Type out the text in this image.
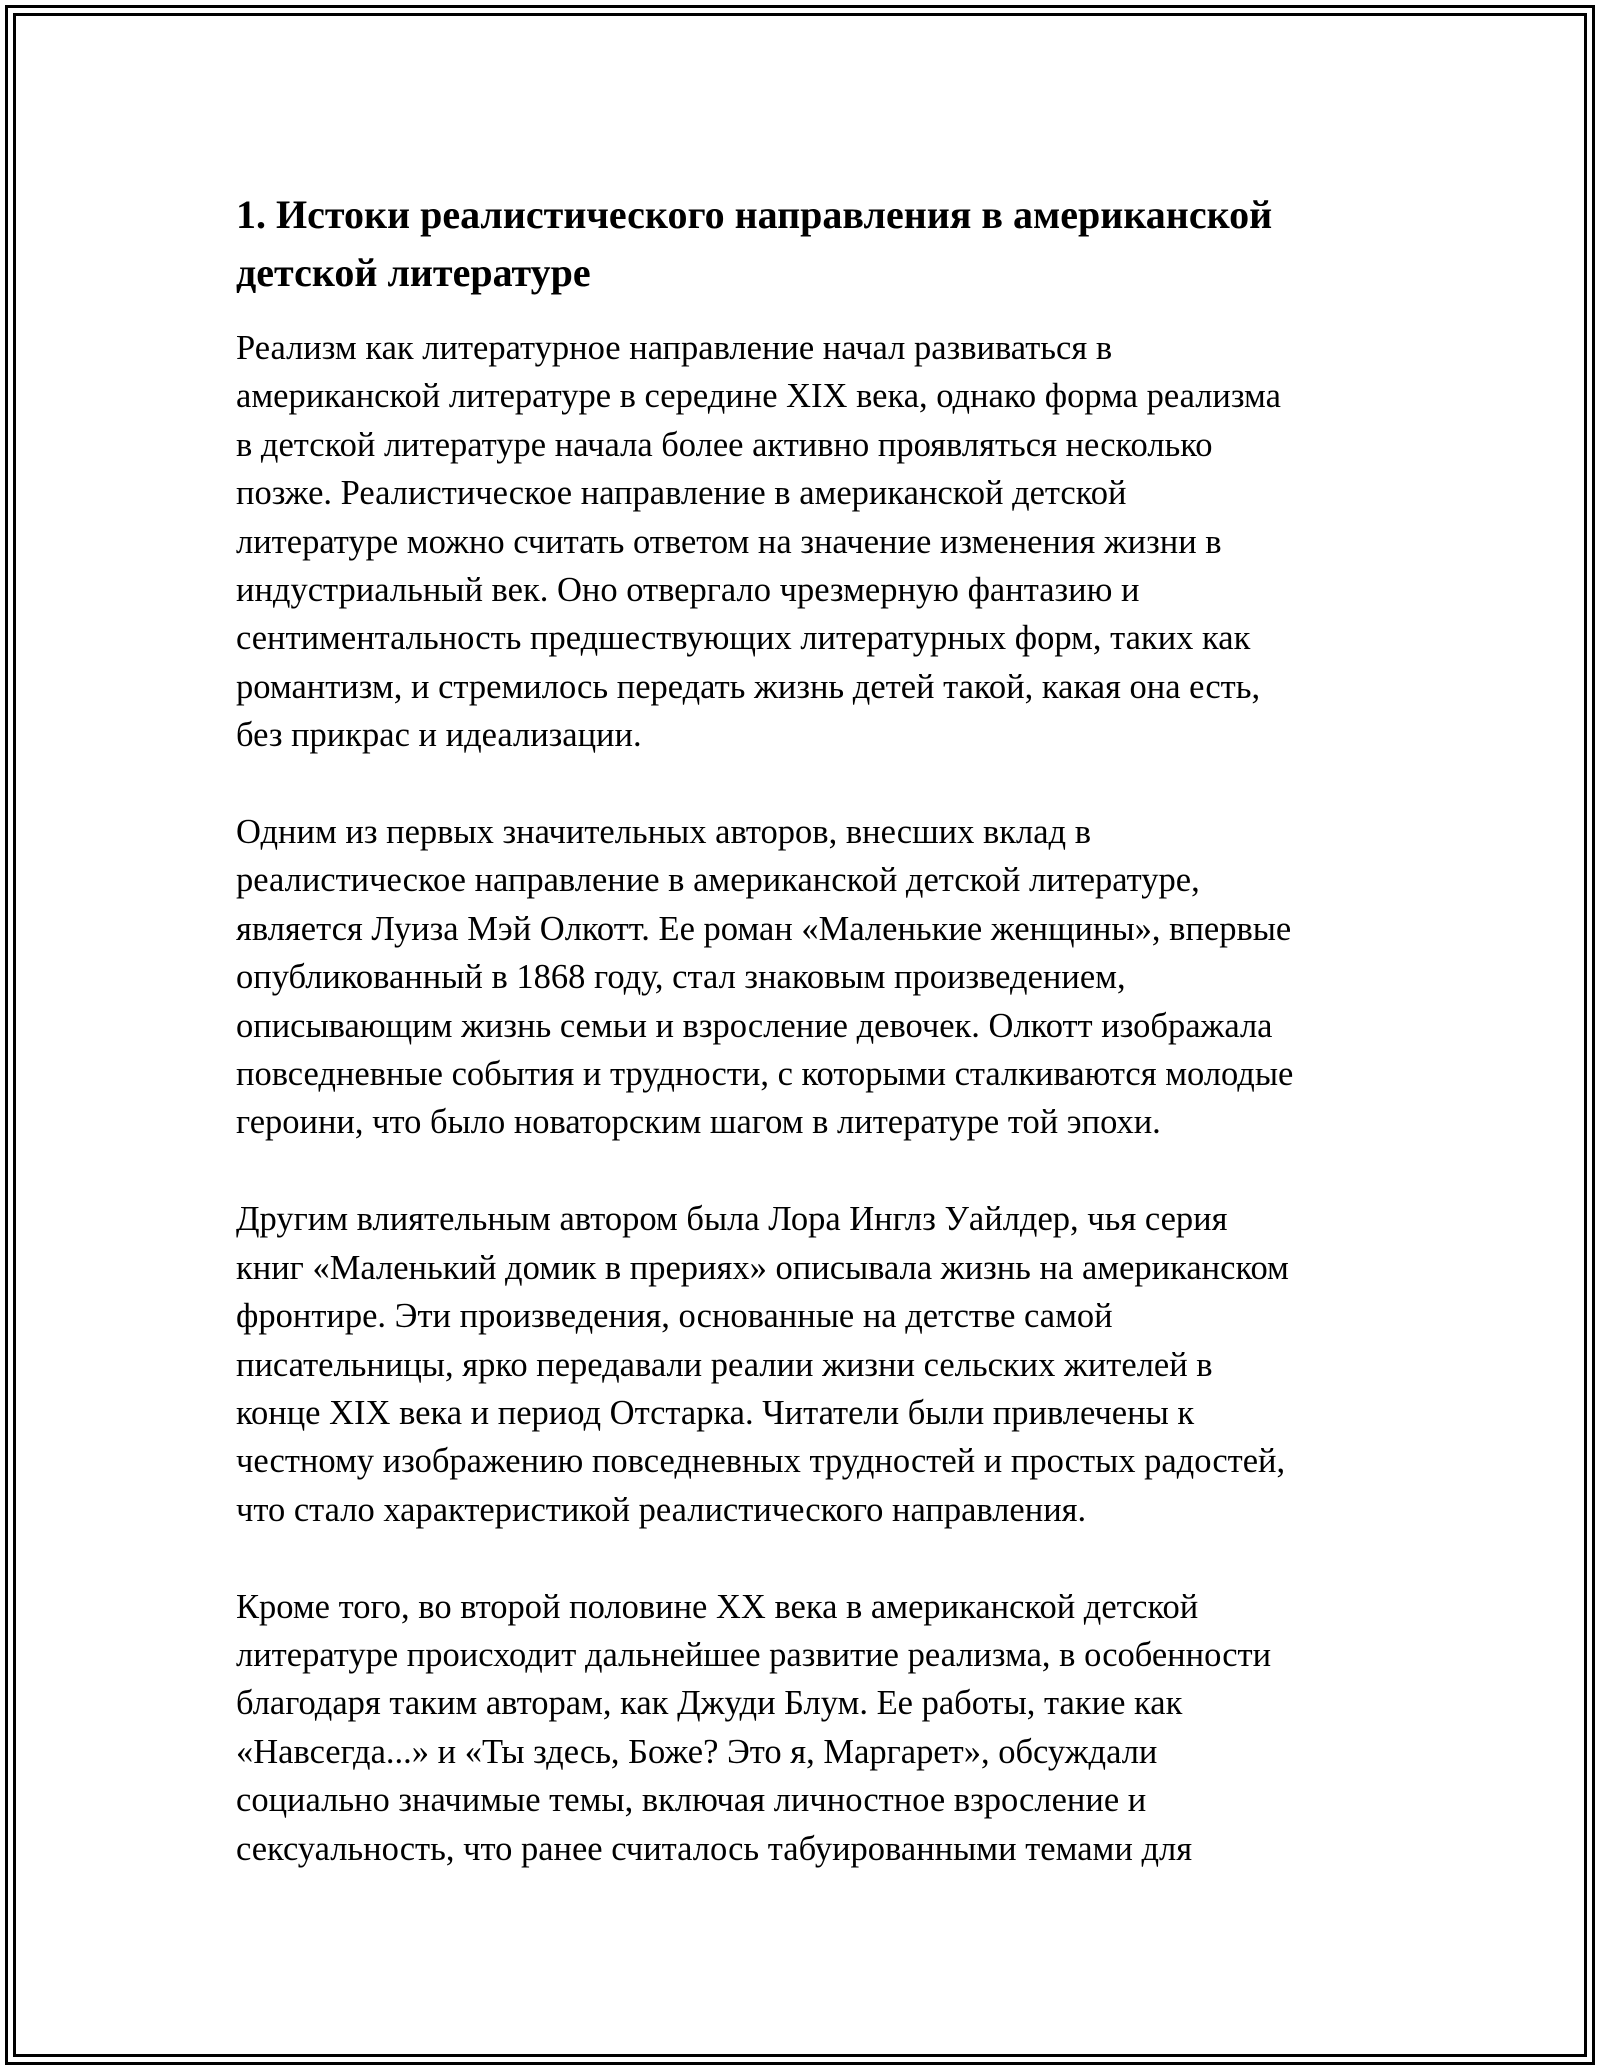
1. Истоки реалистического направления в американской
детской литературе

Реализм как литературное направление начал развиваться в
американской литературе в середине XIX века, однако форма реализма
в детской литературе начала более активно проявляться несколько
позже. Реалистическое направление в американской детской
литературе можно считать ответом на значение изменения жизни в
индустриальный век. Оно отвергало чрезмерную фантазию и
сентиментальность предшествующих литературных форм, таких как
романтизм, и стремилось передать жизнь детей такой, какая она есть,
без прикрас и идеализации.

Одним из первых значительных авторов, внесших вклад в
реалистическое направление в американской детской литературе,
является Луиза Мэй Олкотт. Ее роман «Маленькие женщины», впервые
опубликованный в 1868 году, стал знаковым произведением,
описывающим жизнь семьи и взросление девочек. Олкотт изображала
повседневные события и трудности, с которыми сталкиваются молодые
героини, что было новаторским шагом в литературе той эпохи.

Другим влиятельным автором была Лора Инглз Уайлдер, чья серия
книг «Маленький домик в прериях» описывала жизнь на американском
фронтире. Эти произведения, основанные на детстве самой
писательницы, ярко передавали реалии жизни сельских жителей в
конце XIX века и период Отстарка. Читатели были привлечены к
честному изображению повседневных трудностей и простых радостей,
что стало характеристикой реалистического направления.

Кроме того, во второй половине XX века в американской детской
литературе происходит дальнейшее развитие реализма, в особенности
благодаря таким авторам, как Джуди Блум. Ее работы, такие как
«Навсегда...» и «Ты здесь, Боже? Это я, Маргарет», обсуждали
социально значимые темы, включая личностное взросление и
сексуальность, что ранее считалось табуированными темами для
